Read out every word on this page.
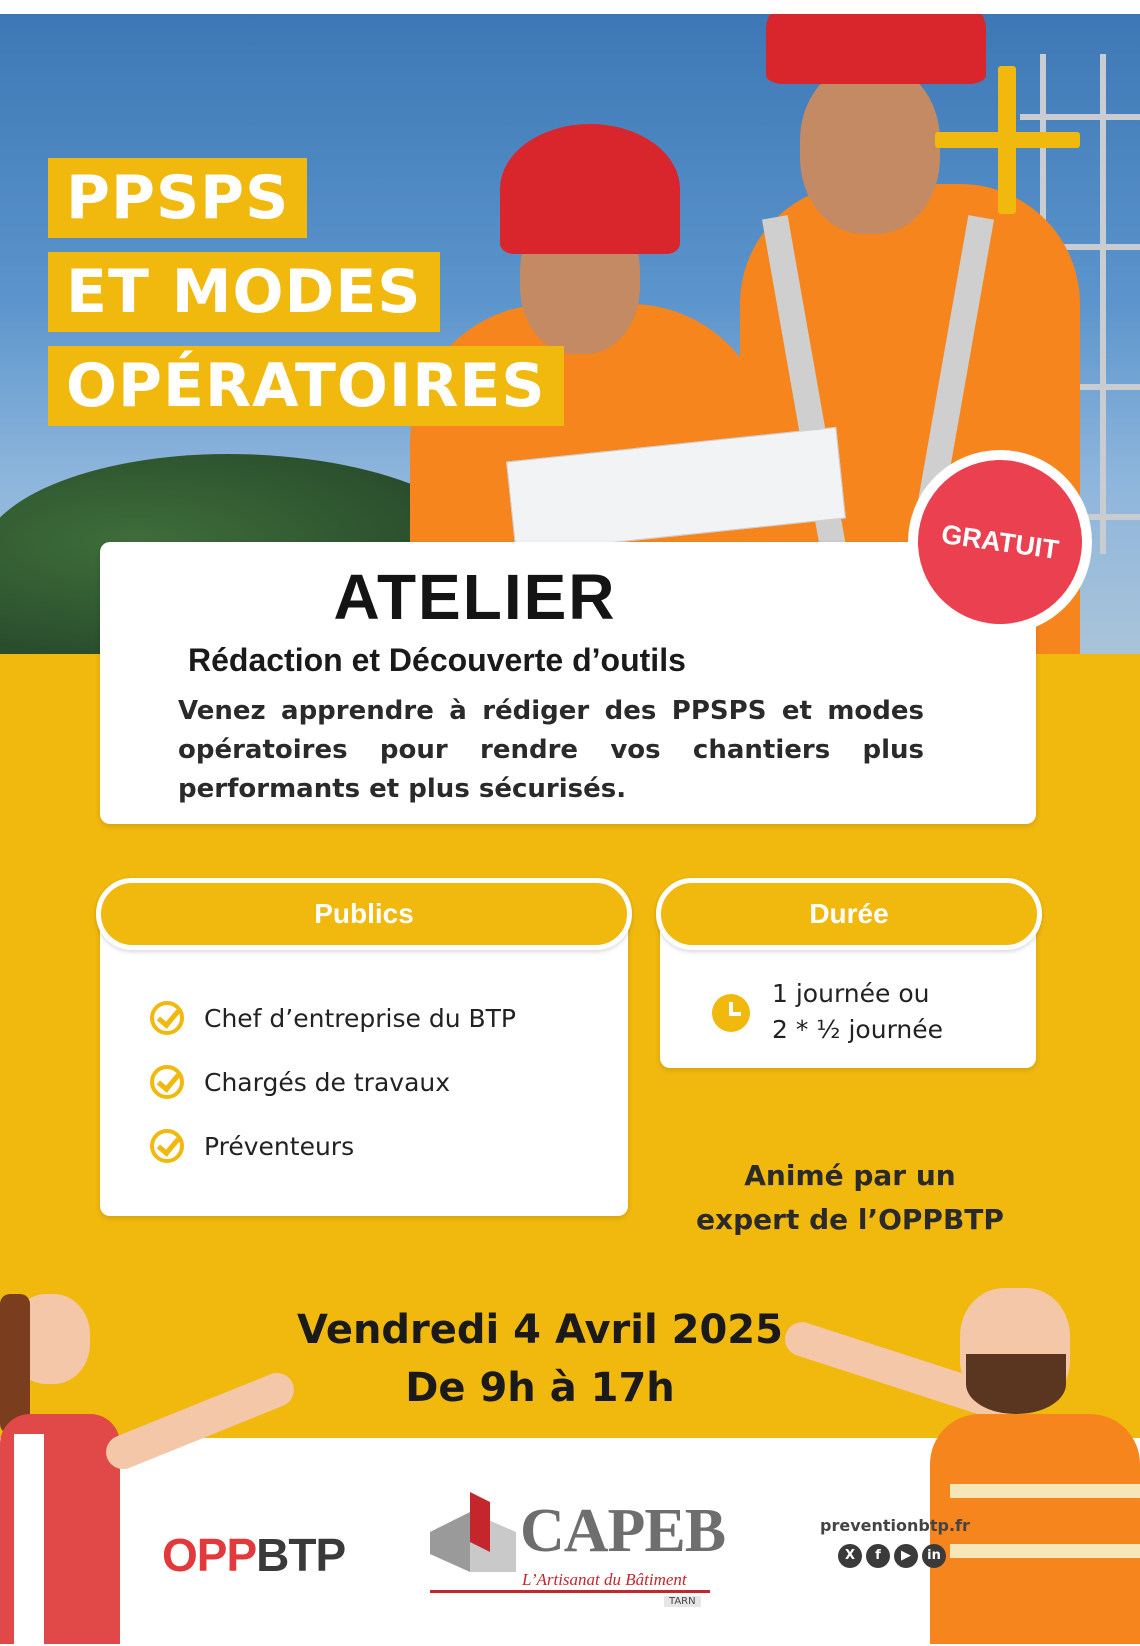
PPSPS
ET MODES
OPÉRATOIRES
ATELIER
Rédaction et Découverte d’outils

Venez apprendre à rédiger des PPSPS et modes opératoires pour rendre vos chantiers plus performants et plus sécurisés.

GRATUIT
Publics
Chef d’entreprise du BTP
Chargés de travaux
Préventeurs
Durée
1 journée ou
2 * ½ journée
Animé par un
expert de l’OPPBTP
Vendredi 4 Avril 2025
De 9h à 17h
OPPBTP	CAPEB
L’Artisanat du Bâtiment
TARN
preventionbtp.fr
X	f	▶	in
